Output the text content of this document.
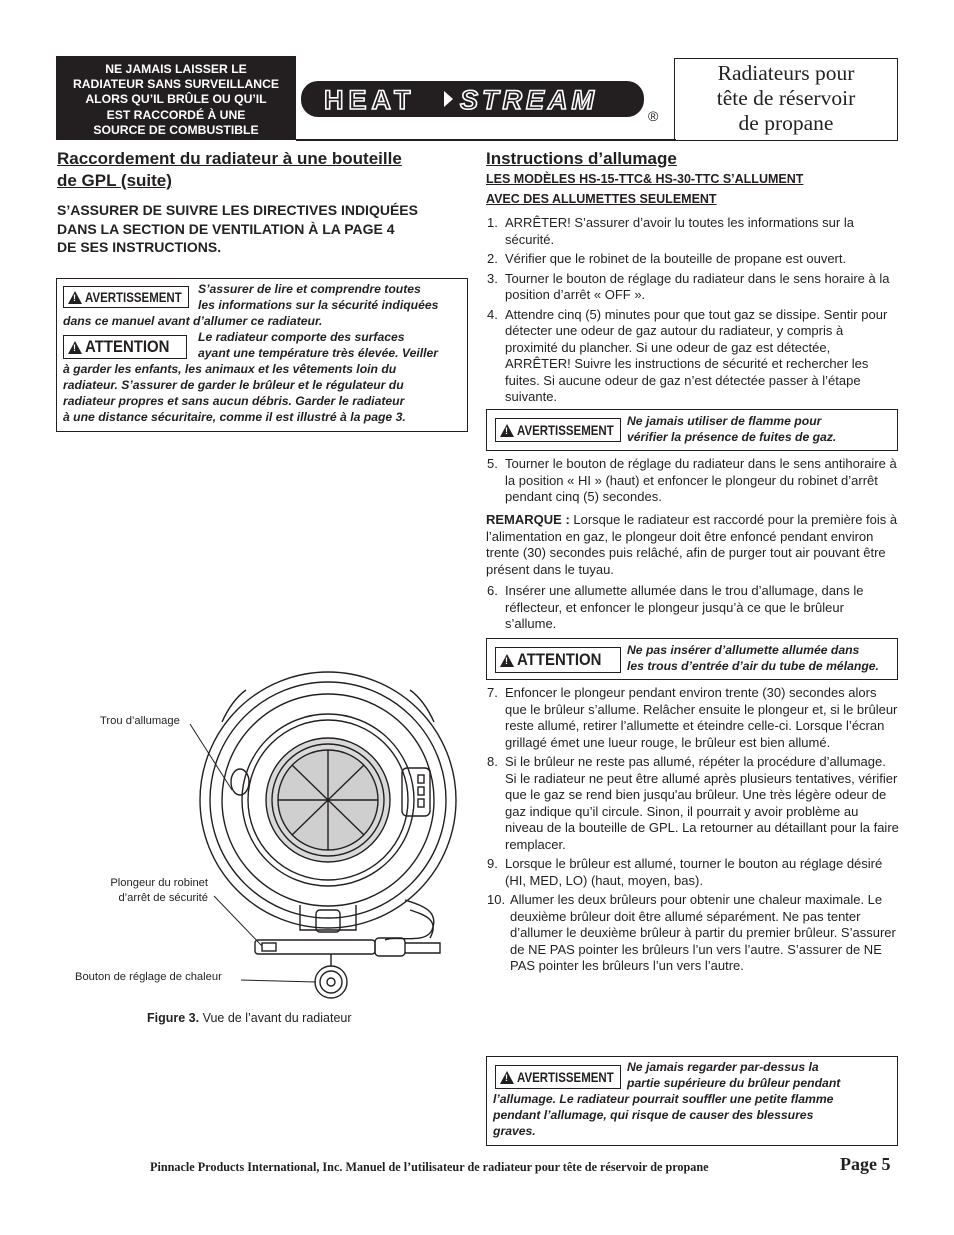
NE JAMAIS LAISSER LE
RADIATEUR SANS SURVEILLANCE
ALORS QU’IL BRÛLE OU QU’IL
EST RACCORDÉ À UNE
SOURCE DE COMBUSTIBLE
HEAT STREAM
®
Radiateurs pour
tête de réservoir
de propane
Raccordement du radiateur à une bouteille
de GPL (suite)
S’ASSURER DE SUIVRE LES DIRECTIVES INDIQUÉES
DANS LA SECTION DE VENTILATION À LA PAGE 4
DE SES INSTRUCTIONS.
!
AVERTISSEMENT S’assurer de lire et comprendre toutes
les informations sur la sécurité indiquées
dans ce manuel avant d’allumer ce radiateur.
!
ATTENTION Le radiateur comporte des surfaces
ayant une température très élevée. Veiller
à garder les enfants, les animaux et les vêtements loin du
radiateur. S’assurer de garder le brûleur et le régulateur du
radiateur propres et sans aucun débris. Garder le radiateur
à une distance sécuritaire, comme il est illustré à la page 3.
Trou d’allumage
Plongeur du robinet
d’arrêt de sécurité
Bouton de réglage de chaleur
Figure 3. Vue de l’avant du radiateur
Instructions d’allumage
LES MODÈLES HS-15-TTC& HS-30-TTC S’ALLUMENT
AVEC DES ALLUMETTES SEULEMENT
1. ARRÊTER! S’assurer d’avoir lu toutes les informations sur la sécurité.
2. Vérifier que le robinet de la bouteille de propane est ouvert.
3. Tourner le bouton de réglage du radiateur dans le sens horaire à la position d’arrêt « OFF ».
4. Attendre cinq (5) minutes pour que tout gaz se dissipe. Sentir pour détecter une odeur de gaz autour du radiateur, y compris à proximité du plancher. Si une odeur de gaz est détectée, ARRÊTER! Suivre les instructions de sécurité et rechercher les fuites. Si aucune odeur de gaz n’est détectée passer à l’étape suivante.
!
AVERTISSEMENT
Ne jamais utiliser de flamme pour
vérifier la présence de fuites de gaz.
5. Tourner le bouton de réglage du radiateur dans le sens antihoraire à la position « HI » (haut) et enfoncer le plongeur du robinet d’arrêt pendant cinq (5) secondes.
REMARQUE : Lorsque le radiateur est raccordé pour la première fois à l’alimentation en gaz, le plongeur doit être enfoncé pendant environ trente (30) secondes puis relâché, afin de purger tout air pouvant être présent dans le tuyau.
6. Insérer une allumette allumée dans le trou d’allumage, dans le réflecteur, et enfoncer le plongeur jusqu’à ce que le brûleur s’allume.
!
ATTENTION Ne pas insérer d’allumette allumée dans
les trous d’entrée d’air du tube de mélange.
7. Enfoncer le plongeur pendant environ trente (30) secondes alors que le brûleur s’allume. Relâcher ensuite le plongeur et, si le brûleur reste allumé, retirer l’allumette et éteindre celle-ci. Lorsque l’écran grillagé émet une lueur rouge, le brûleur est bien allumé.
8. Si le brûleur ne reste pas allumé, répéter la procédure d’allumage. Si le radiateur ne peut être allumé après plusieurs tentatives, vérifier que le gaz se rend bien jusqu'au brûleur. Une très légère odeur de gaz indique qu’il circule. Sinon, il pourrait y avoir problème au niveau de la bouteille de GPL. La retourner au détaillant pour la faire remplacer.
9. Lorsque le brûleur est allumé, tourner le bouton au réglage désiré (HI, MED, LO) (haut, moyen, bas).
10. Allumer les deux brûleurs pour obtenir une chaleur maximale. Le deuxième brûleur doit être allumé séparément. Ne pas tenter d’allumer le deuxième brûleur à partir du premier brûleur. S’assurer de NE PAS pointer les brûleurs l’un vers l’autre. S’assurer de NE PAS pointer les brûleurs l’un vers l’autre.
!
AVERTISSEMENT
Ne jamais regarder par-dessus la
partie supérieure du brûleur pendant
l’allumage. Le radiateur pourrait souffler une petite flamme
pendant l’allumage, qui risque de causer des blessures
graves.
Pinnacle Products International, Inc. Manuel de l’utilisateur de radiateur pour tête de réservoir de propane	Page 5
